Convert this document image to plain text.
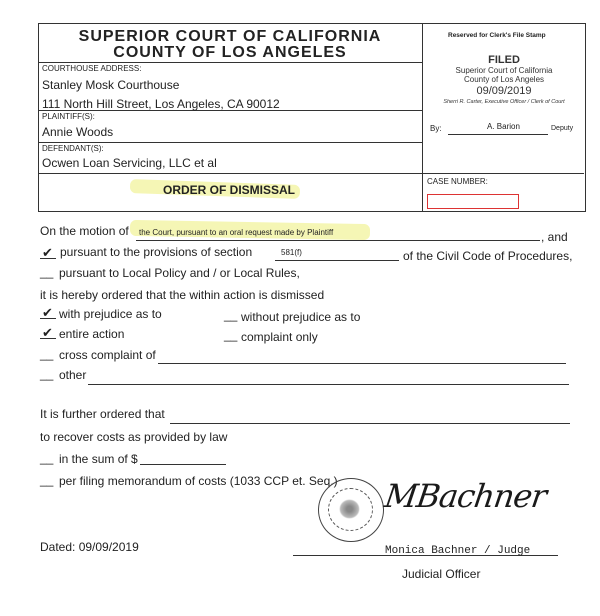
SUPERIOR COURT OF CALIFORNIA
COUNTY OF LOS ANGELES
COURTHOUSE ADDRESS:
Stanley Mosk Courthouse
111 North Hill Street, Los Angeles, CA 90012
PLAINTIFF(S):
Annie Woods
DEFENDANT(S):
Ocwen Loan Servicing, LLC et al
ORDER OF DISMISSAL
Reserved for Clerk's File Stamp
FILED
Superior Court of California
County of Los Angeles
09/09/2019
Sherri R. Carter, Executive Officer / Clerk of Court
By:	A. Barion	Deputy
CASE NUMBER:
On the motion of the Court, pursuant to an oral request made by Plaintiff	, and
✔ pursuant to the provisions of section	581(f)	of the Civil Code of Procedures,
__ pursuant to Local Policy and / or Local Rules,
it is hereby ordered that the within action is dismissed
✔ with prejudice as to	__ without prejudice as to
✔ entire action	__ complaint only
__ cross complaint of
__ other
It is further ordered that
to recover costs as provided by law
__ in the sum of $
__ per filing memorandum of costs (1033 CCP et. Seq.) MBachner
Dated: 09/09/2019	Monica Bachner / Judge
Judicial Officer
